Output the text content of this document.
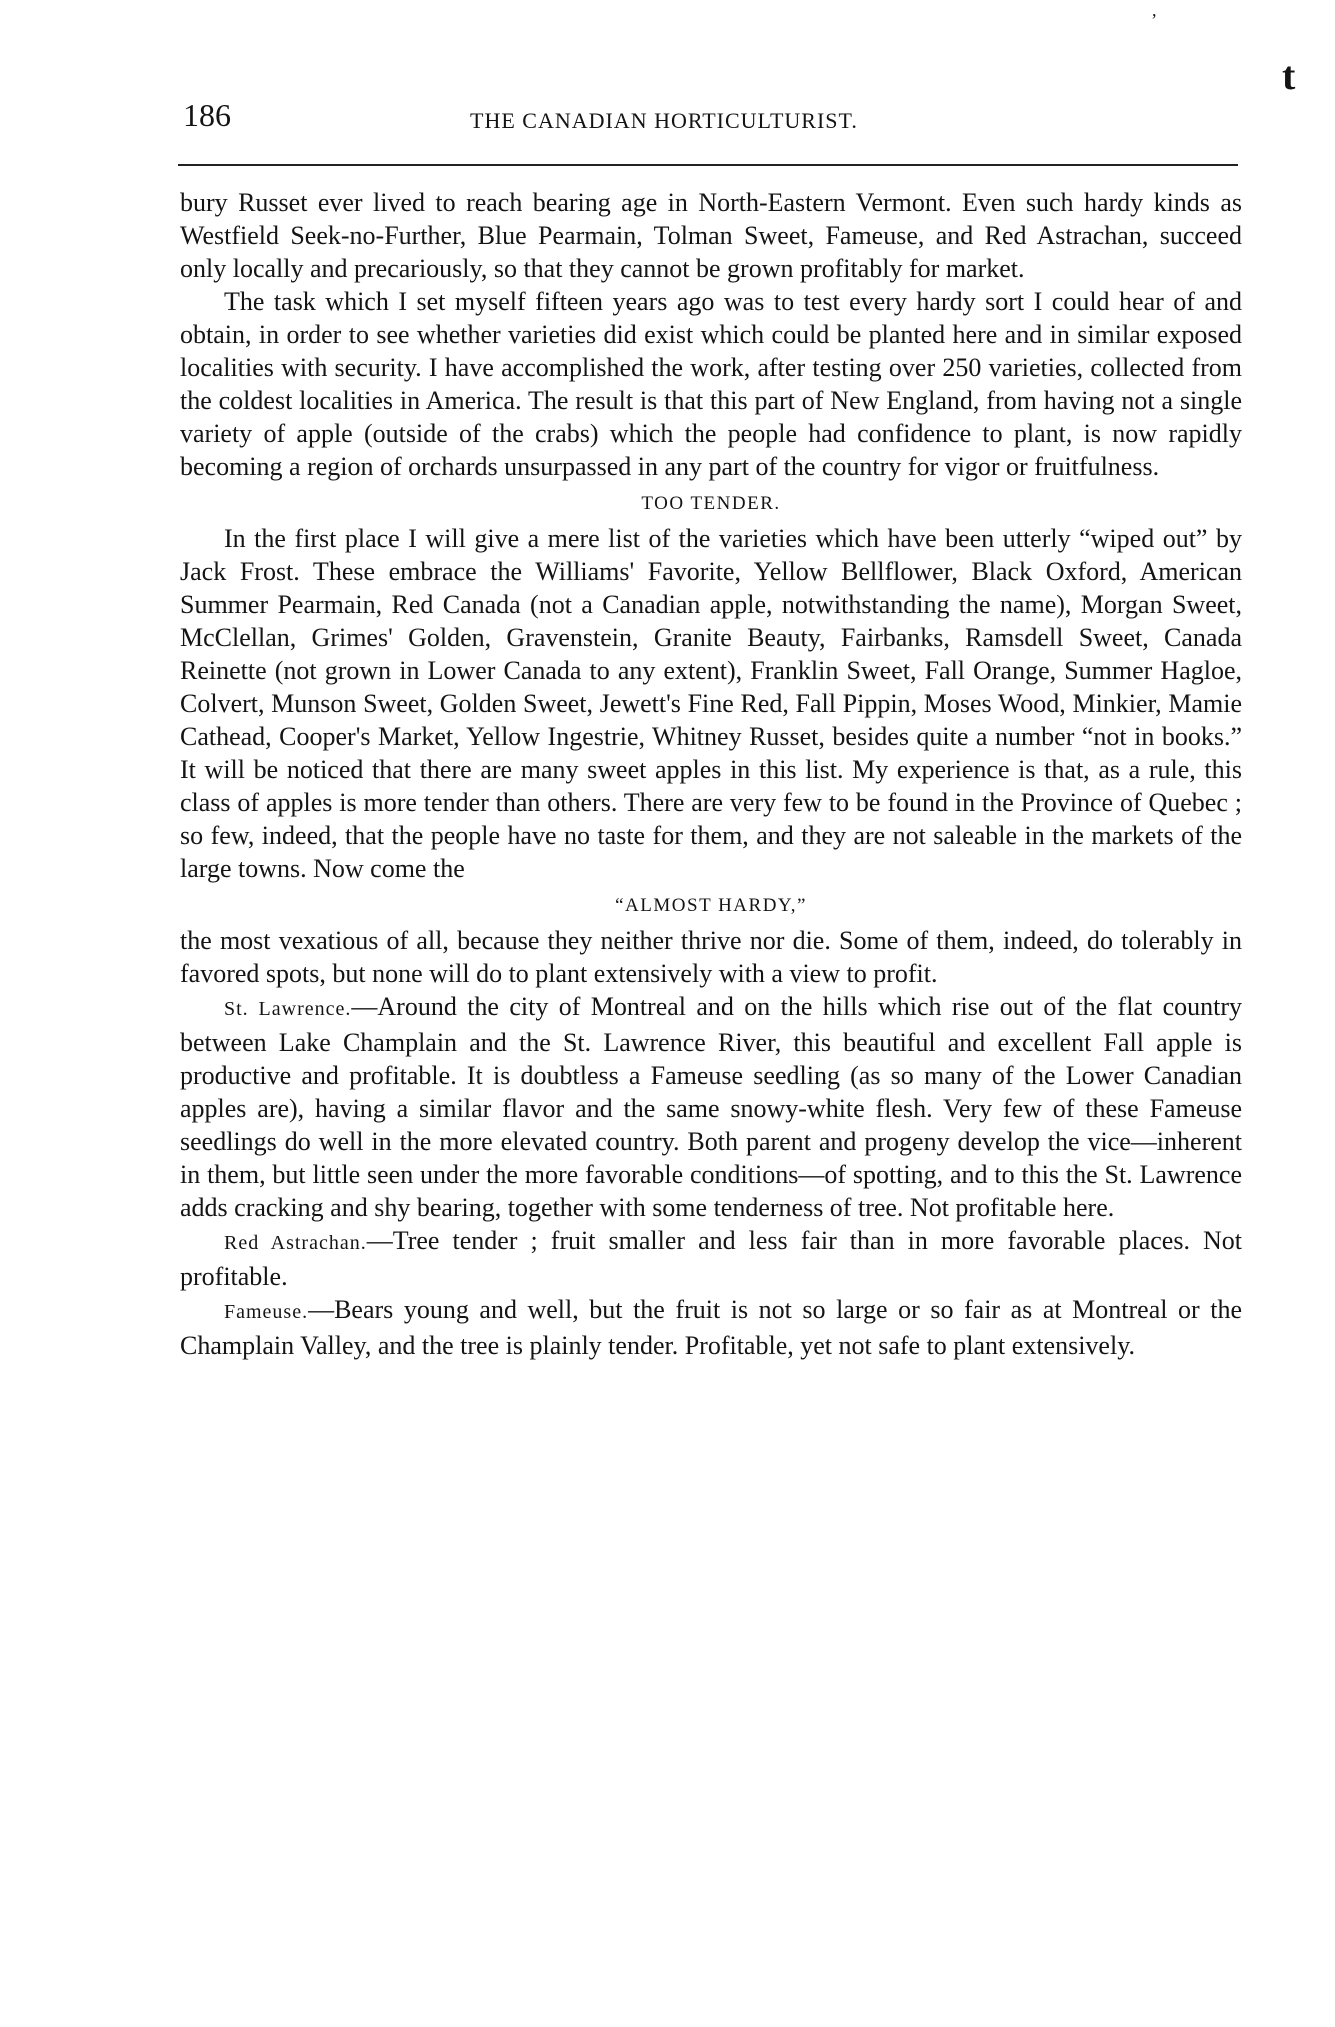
,
t
186	THE CANADIAN HORTICULTURIST.

bury Russet ever lived to reach bearing age in North-Eastern Vermont. Even such hardy kinds as Westfield Seek-no-Further, Blue Pearmain, Tolman Sweet, Fameuse, and Red Astrachan, succeed only locally and precariously, so that they cannot be grown profitably for market.

The task which I set myself fifteen years ago was to test every hardy sort I could hear of and obtain, in order to see whether varieties did exist which could be planted here and in similar exposed localities with security. I have accomplished the work, after testing over 250 varieties, collected from the coldest localities in America. The result is that this part of New England, from having not a single variety of apple (outside of the crabs) which the people had confidence to plant, is now rapidly becoming a region of orchards unsurpassed in any part of the country for vigor or fruitfulness.

TOO TENDER.

In the first place I will give a mere list of the varieties which have been utterly “wiped out” by Jack Frost. These embrace the Williams' Favorite, Yellow Bellflower, Black Oxford, American Summer Pearmain, Red Canada (not a Canadian apple, notwithstanding the name), Morgan Sweet, McClellan, Grimes' Golden, Gravenstein, Granite Beauty, Fairbanks, Ramsdell Sweet, Canada Reinette (not grown in Lower Canada to any extent), Franklin Sweet, Fall Orange, Summer Hagloe, Colvert, Munson Sweet, Golden Sweet, Jewett's Fine Red, Fall Pippin, Moses Wood, Minkier, Mamie Cathead, Cooper's Market, Yellow Ingestrie, Whitney Russet, besides quite a number “not in books.” It will be noticed that there are many sweet apples in this list. My experience is that, as a rule, this class of apples is more tender than others. There are very few to be found in the Province of Quebec ; so few, indeed, that the people have no taste for them, and they are not saleable in the markets of the large towns. Now come the

“ALMOST HARDY,”

the most vexatious of all, because they neither thrive nor die. Some of them, indeed, do tolerably in favored spots, but none will do to plant extensively with a view to profit.

St. Lawrence.—Around the city of Montreal and on the hills which rise out of the flat country between Lake Champlain and the St. Lawrence River, this beautiful and excellent Fall apple is productive and profitable. It is doubtless a Fameuse seedling (as so many of the Lower Canadian apples are), having a similar flavor and the same snowy-white flesh. Very few of these Fameuse seedlings do well in the more elevated country. Both parent and progeny develop the vice—inherent in them, but little seen under the more favorable conditions—of spotting, and to this the St. Lawrence adds cracking and shy bearing, together with some tenderness of tree. Not profitable here.

Red Astrachan.—Tree tender ; fruit smaller and less fair than in more favorable places. Not profitable.

Fameuse.—Bears young and well, but the fruit is not so large or so fair as at Montreal or the Champlain Valley, and the tree is plainly tender. Profitable, yet not safe to plant extensively.
